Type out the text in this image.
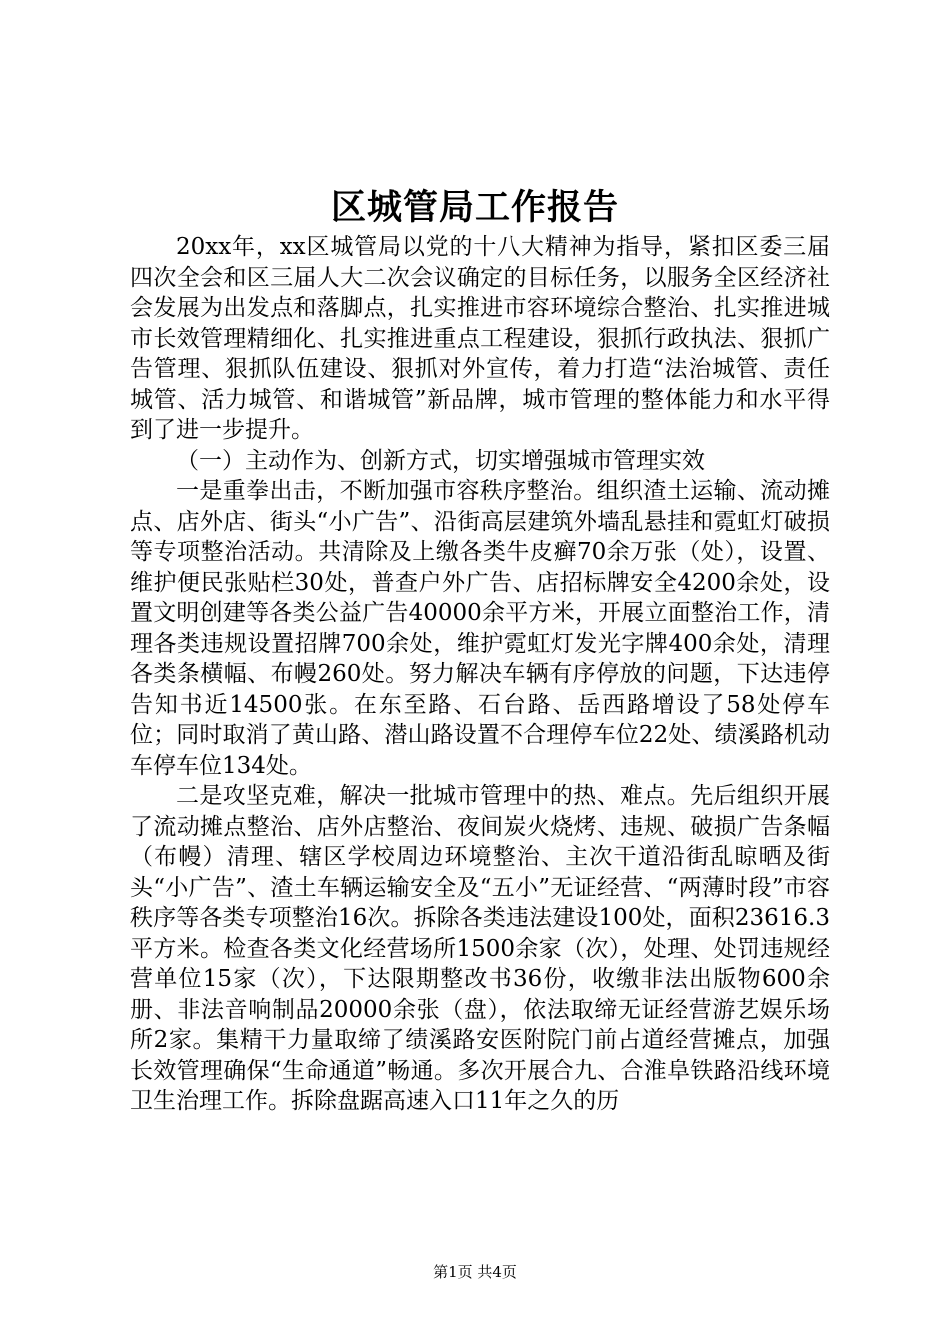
区城管局工作报告

20xx年，xx区城管局以党的十八大精神为指导，紧扣区委三届四次全会和区三届人大二次会议确定的目标任务，以服务全区经济社会发展为出发点和落脚点，扎实推进市容环境综合整治、扎实推进城市长效管理精细化、扎实推进重点工程建设，狠抓行政执法、狠抓广告管理、狠抓队伍建设、狠抓对外宣传，着力打造“法治城管、责任城管、活力城管、和谐城管”新品牌，城市管理的整体能力和水平得到了进一步提升。

（一）主动作为、创新方式，切实增强城市管理实效

一是重拳出击，不断加强市容秩序整治。组织渣土运输、流动摊点、店外店、街头“小广告”、沿街高层建筑外墙乱悬挂和霓虹灯破损等专项整治活动。共清除及上缴各类牛皮癣70余万张（处），设置、维护便民张贴栏30处，普查户外广告、店招标牌安全4200余处，设置文明创建等各类公益广告40000余平方米，开展立面整治工作，清理各类违规设置招牌700余处，维护霓虹灯发光字牌400余处，清理各类条横幅、布幔260处。努力解决车辆有序停放的问题，下达违停告知书近14500张。在东至路、石台路、岳西路增设了58处停车位；同时取消了黄山路、潜山路设置不合理停车位22处、绩溪路机动车停车位134处。

二是攻坚克难，解决一批城市管理中的热、难点。先后组织开展了流动摊点整治、店外店整治、夜间炭火烧烤、违规、破损广告条幅（布幔）清理、辖区学校周边环境整治、主次干道沿街乱晾晒及街头“小广告”、渣土车辆运输安全及“五小”无证经营、“两薄时段”市容秩序等各类专项整治16次。拆除各类违法建设100处，面积23616.3平方米。检查各类文化经营场所1500余家（次），处理、处罚违规经营单位15家（次），下达限期整改书36份，收缴非法出版物600余册、非法音响制品20000余张（盘），依法取缔无证经营游艺娱乐场所2家。集精干力量取缔了绩溪路安医附院门前占道经营摊点，加强长效管理确保“生命通道”畅通。多次开展合九、合淮阜铁路沿线环境卫生治理工作。拆除盘踞高速入口11年之久的历

第1页 共4页
